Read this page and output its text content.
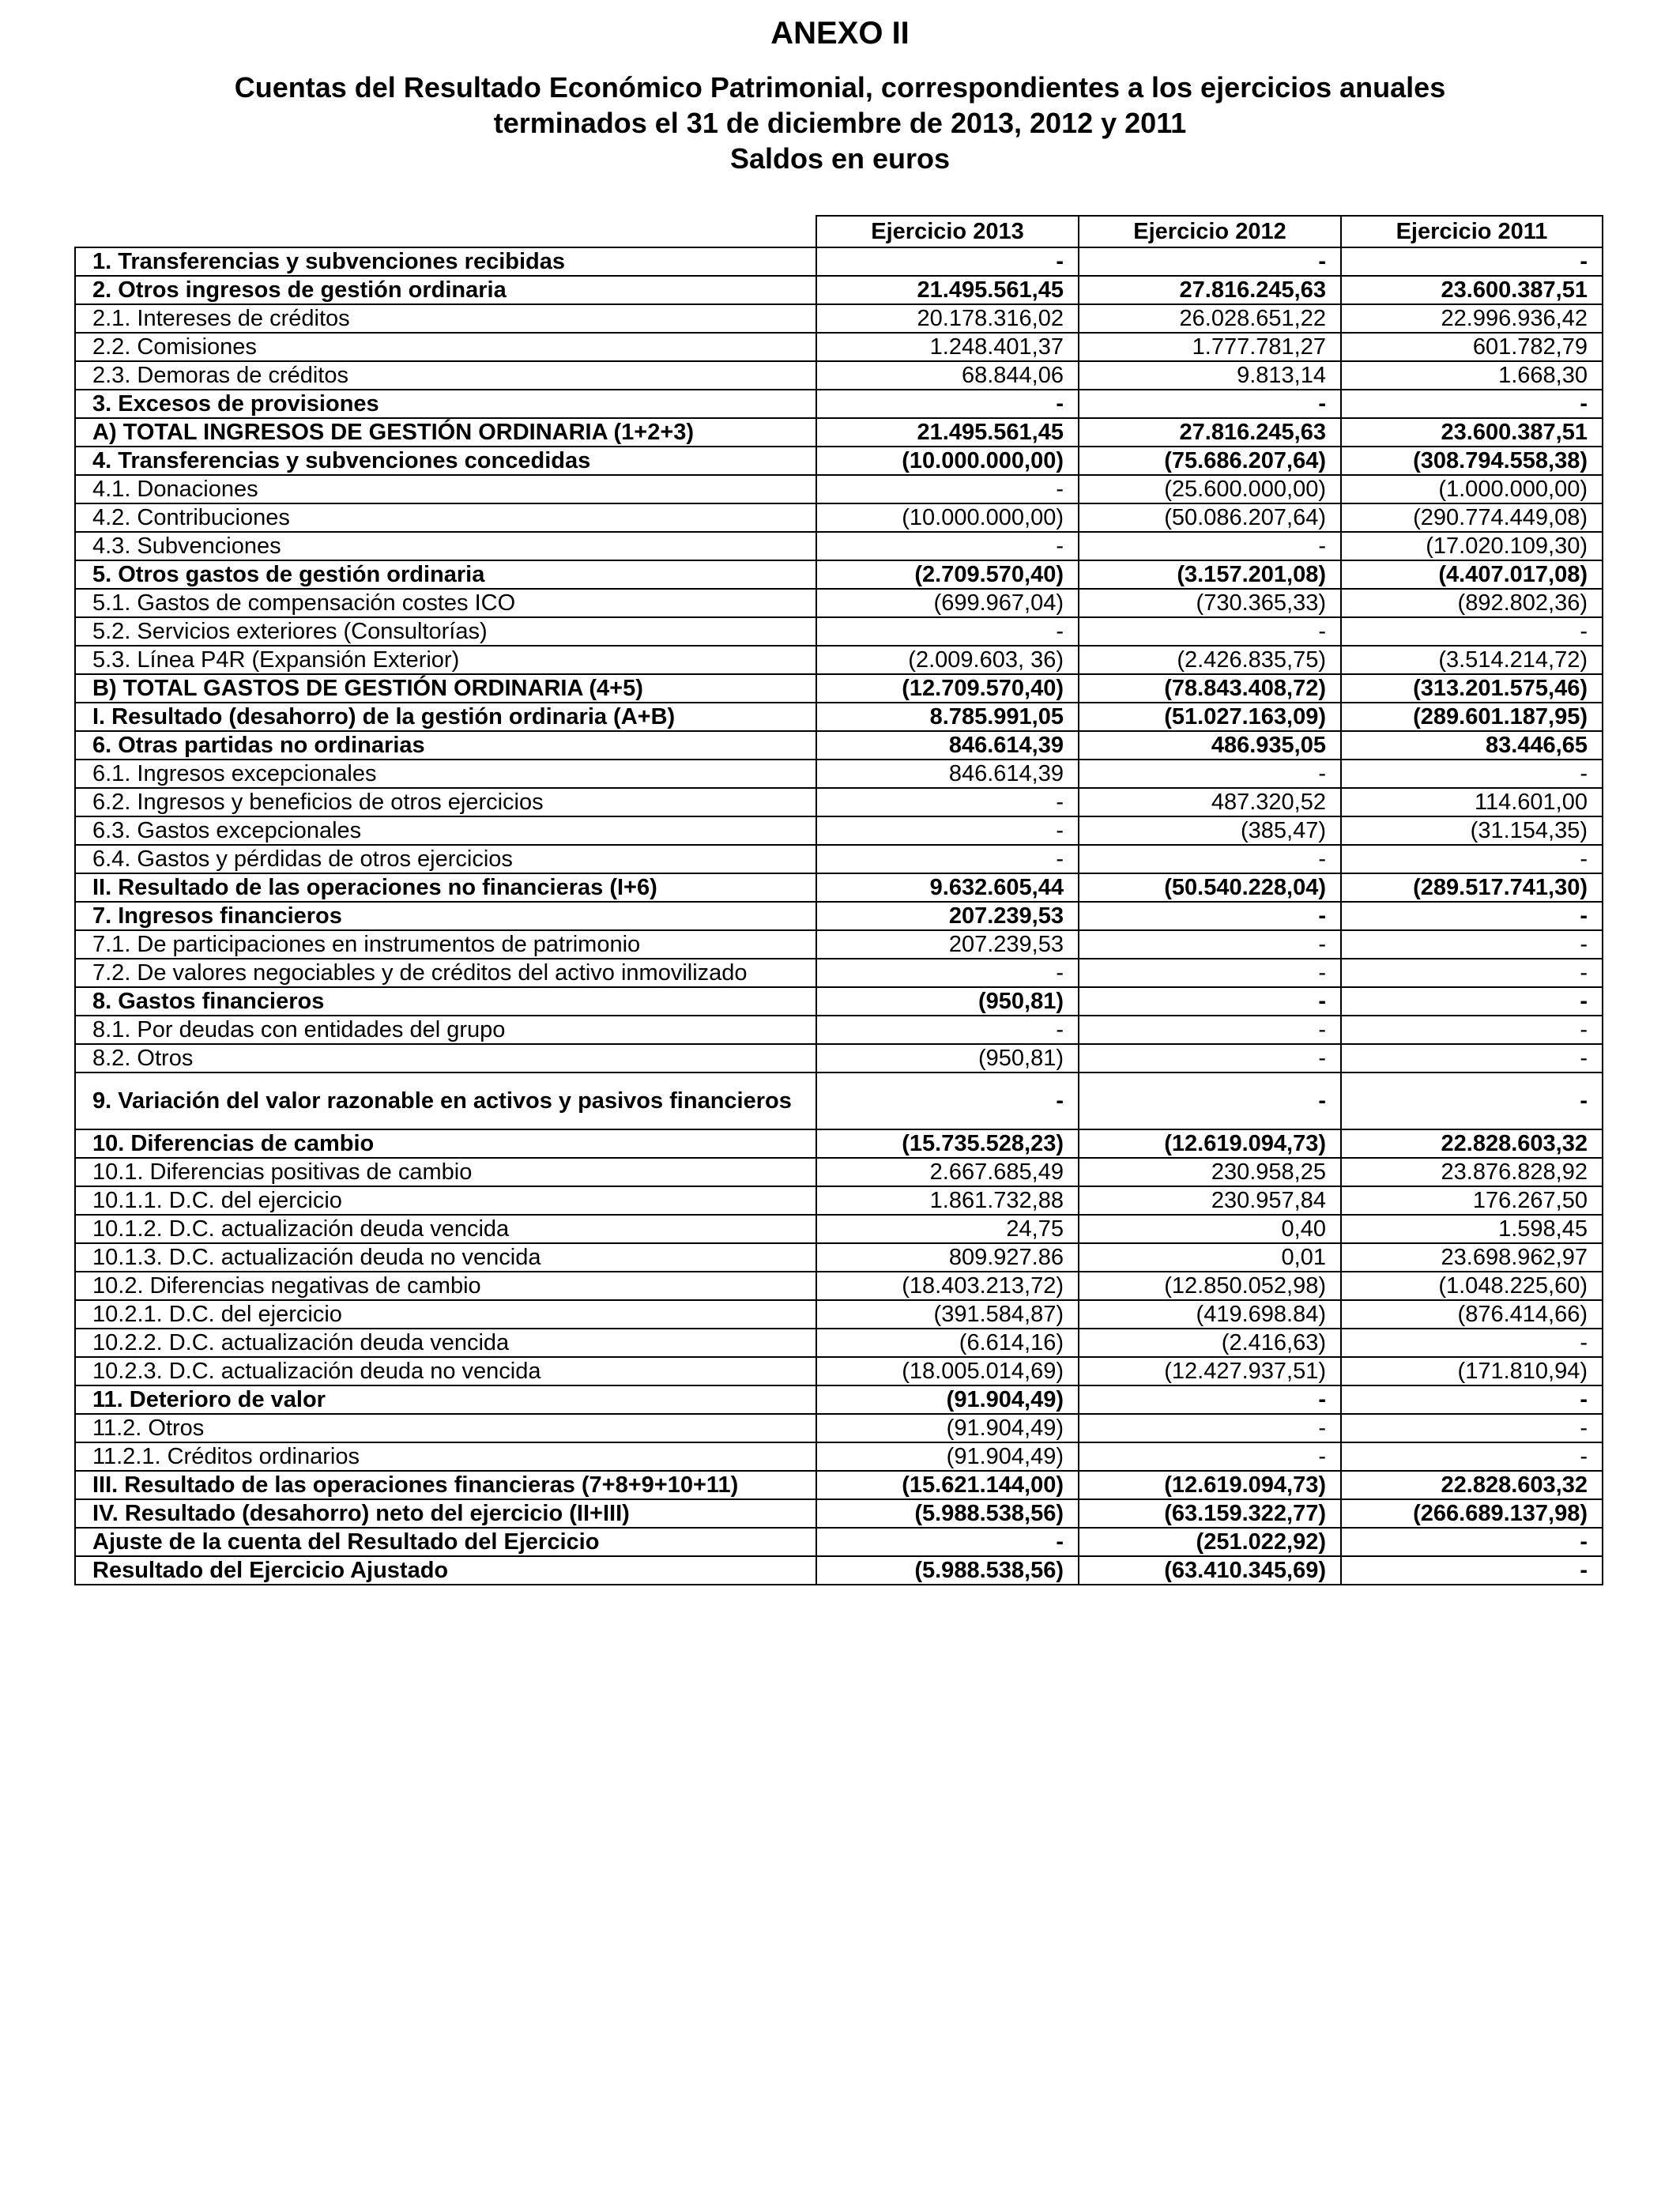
ANEXO II
Cuentas del Resultado Económico Patrimonial, correspondientes a los ejercicios anuales
terminados el 31 de diciembre de 2013, 2012 y 2011
Saldos en euros
	Ejercicio 2013	Ejercicio 2012	Ejercicio 2011
1. Transferencias y subvenciones recibidas	-	-	-
2. Otros ingresos de gestión ordinaria	21.495.561,45	27.816.245,63	23.600.387,51
2.1. Intereses de créditos	20.178.316,02	26.028.651,22	22.996.936,42
2.2. Comisiones	1.248.401,37	1.777.781,27	601.782,79
2.3. Demoras de créditos	68.844,06	9.813,14	1.668,30
3. Excesos de provisiones	-	-	-
A) TOTAL INGRESOS DE GESTIÓN ORDINARIA (1+2+3)	21.495.561,45	27.816.245,63	23.600.387,51
4. Transferencias y subvenciones concedidas	(10.000.000,00)	(75.686.207,64)	(308.794.558,38)
4.1. Donaciones	-	(25.600.000,00)	(1.000.000,00)
4.2. Contribuciones	(10.000.000,00)	(50.086.207,64)	(290.774.449,08)
4.3. Subvenciones	-	-	(17.020.109,30)
5. Otros gastos de gestión ordinaria	(2.709.570,40)	(3.157.201,08)	(4.407.017,08)
5.1. Gastos de compensación costes ICO	(699.967,04)	(730.365,33)	(892.802,36)
5.2. Servicios exteriores (Consultorías)	-	-	-
5.3. Línea P4R (Expansión Exterior)	(2.009.603, 36)	(2.426.835,75)	(3.514.214,72)
B) TOTAL GASTOS DE GESTIÓN ORDINARIA (4+5)	(12.709.570,40)	(78.843.408,72)	(313.201.575,46)
I. Resultado (desahorro) de la gestión ordinaria (A+B)	8.785.991,05	(51.027.163,09)	(289.601.187,95)
6. Otras partidas no ordinarias	846.614,39	486.935,05	83.446,65
6.1. Ingresos excepcionales	846.614,39	-	-
6.2. Ingresos y beneficios de otros ejercicios	-	487.320,52	114.601,00
6.3. Gastos excepcionales	-	(385,47)	(31.154,35)
6.4. Gastos y pérdidas de otros ejercicios	-	-	-
II. Resultado de las operaciones no financieras (I+6)	9.632.605,44	(50.540.228,04)	(289.517.741,30)
7. Ingresos financieros	207.239,53	-	-
7.1. De participaciones en instrumentos de patrimonio	207.239,53	-	-
7.2. De valores negociables y de créditos del activo inmovilizado	-	-	-
8. Gastos financieros	(950,81)	-	-
8.1. Por deudas con entidades del grupo	-	-	-
8.2. Otros	(950,81)	-	-
9. Variación del valor razonable en activos y pasivos financieros	-	-	-
10. Diferencias de cambio	(15.735.528,23)	(12.619.094,73)	22.828.603,32
10.1. Diferencias positivas de cambio	2.667.685,49	230.958,25	23.876.828,92
10.1.1. D.C. del ejercicio	1.861.732,88	230.957,84	176.267,50
10.1.2. D.C. actualización deuda vencida	24,75	0,40	1.598,45
10.1.3. D.C. actualización deuda no vencida	809.927.86	0,01	23.698.962,97
10.2. Diferencias negativas de cambio	(18.403.213,72)	(12.850.052,98)	(1.048.225,60)
10.2.1. D.C. del ejercicio	(391.584,87)	(419.698.84)	(876.414,66)
10.2.2. D.C. actualización deuda vencida	(6.614,16)	(2.416,63)	-
10.2.3. D.C. actualización deuda no vencida	(18.005.014,69)	(12.427.937,51)	(171.810,94)
11. Deterioro de valor	(91.904,49)	-	-
11.2. Otros	(91.904,49)	-	-
11.2.1. Créditos ordinarios	(91.904,49)	-	-
III. Resultado de las operaciones financieras (7+8+9+10+11)	(15.621.144,00)	(12.619.094,73)	22.828.603,32
IV. Resultado (desahorro) neto del ejercicio (II+III)	(5.988.538,56)	(63.159.322,77)	(266.689.137,98)
Ajuste de la cuenta del Resultado del Ejercicio	-	(251.022,92)	-
Resultado del Ejercicio Ajustado	(5.988.538,56)	(63.410.345,69)	-
